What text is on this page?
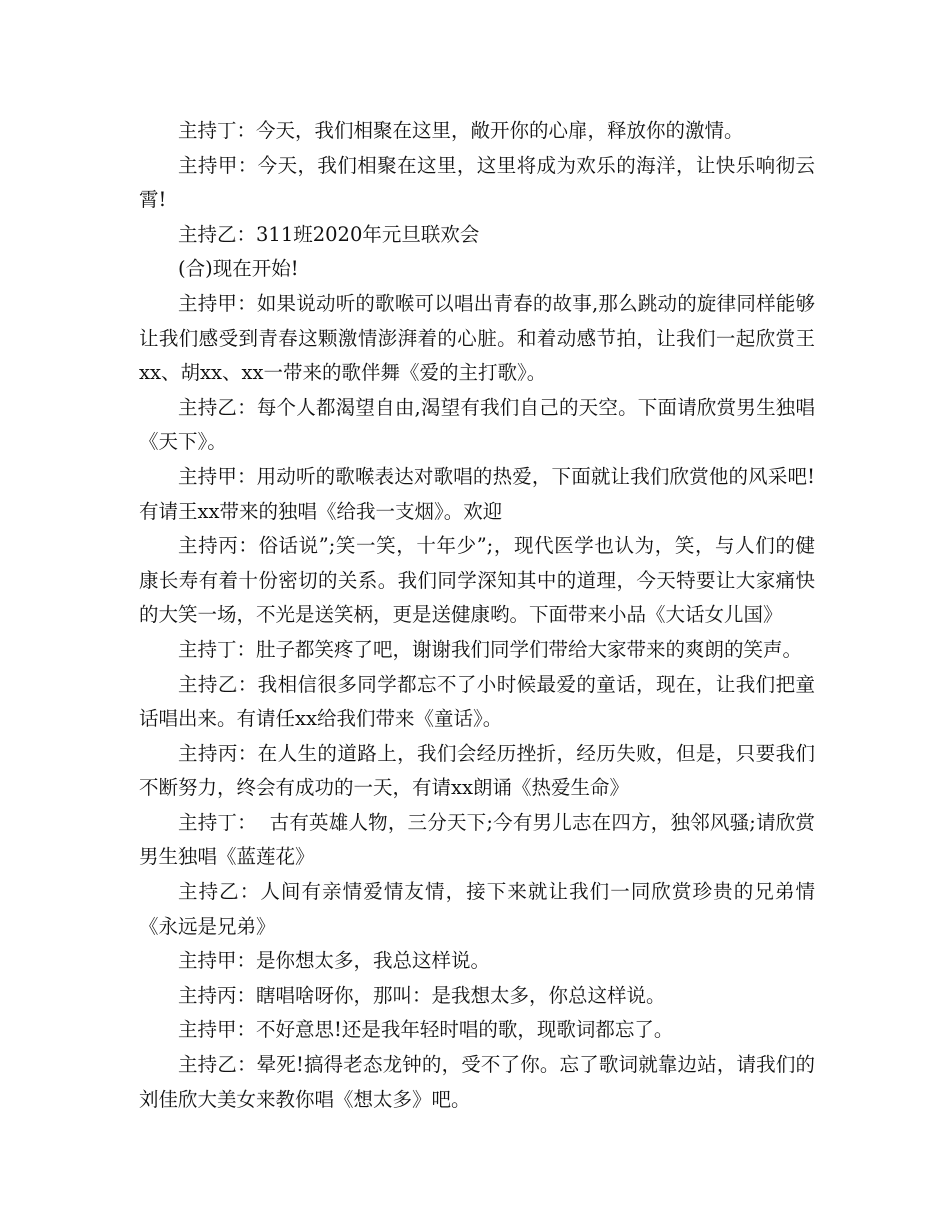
主持丁：今天，我们相聚在这里，敞开你的心扉，释放你的激情。

主持甲：今天，我们相聚在这里，这里将成为欢乐的海洋，让快乐响彻云霄!

主持乙：311班2020年元旦联欢会

(合)现在开始!

主持甲：如果说动听的歌喉可以唱出青春的故事,那么跳动的旋律同样能够让我们感受到青春这颗激情澎湃着的心脏。和着动感节拍，让我们一起欣赏王xx、胡xx、xx一带来的歌伴舞《爱的主打歌》。

主持乙：每个人都渴望自由,渴望有我们自己的天空。下面请欣赏男生独唱《天下》。

主持甲：用动听的歌喉表达对歌唱的热爱，下面就让我们欣赏他的风采吧!有请王xx带来的独唱《给我一支烟》。欢迎

主持丙：俗话说”;笑一笑，十年少”;，现代医学也认为，笑，与人们的健康长寿有着十份密切的关系。我们同学深知其中的道理，今天特要让大家痛快的大笑一场，不光是送笑柄，更是送健康哟。下面带来小品《大话女儿国》

主持丁：肚子都笑疼了吧，谢谢我们同学们带给大家带来的爽朗的笑声。

主持乙：我相信很多同学都忘不了小时候最爱的童话，现在，让我们把童话唱出来。有请任xx给我们带来《童话》。

主持丙：在人生的道路上，我们会经历挫折，经历失败，但是，只要我们不断努力，终会有成功的一天，有请xx朗诵《热爱生命》

主持丁：  古有英雄人物，三分天下;今有男儿志在四方，独邻风骚;请欣赏男生独唱《蓝莲花》

主持乙：人间有亲情爱情友情，接下来就让我们一同欣赏珍贵的兄弟情《永远是兄弟》

主持甲：是你想太多，我总这样说。

主持丙：瞎唱啥呀你，那叫：是我想太多，你总这样说。

主持甲：不好意思!还是我年轻时唱的歌，现歌词都忘了。

主持乙：晕死!搞得老态龙钟的，受不了你。忘了歌词就靠边站，请我们的刘佳欣大美女来教你唱《想太多》吧。
